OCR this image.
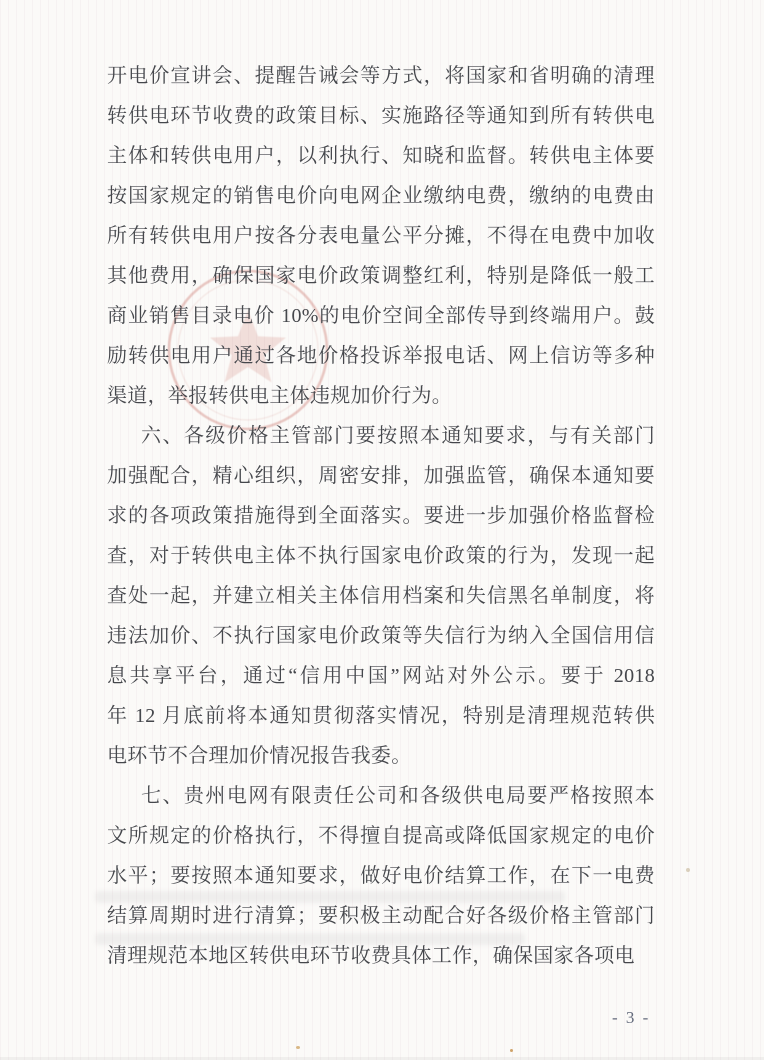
开电价宣讲会、提醒告诫会等方式，将国家和省明确的清理
转供电环节收费的政策目标、实施路径等通知到所有转供电
主体和转供电用户，以利执行、知晓和监督。转供电主体要
按国家规定的销售电价向电网企业缴纳电费，缴纳的电费由
所有转供电用户按各分表电量公平分摊，不得在电费中加收
其他费用，确保国家电价政策调整红利，特别是降低一般工
商业销售目录电价 10%的电价空间全部传导到终端用户。鼓
励转供电用户通过各地价格投诉举报电话、网上信访等多种
渠道，举报转供电主体违规加价行为。
六、各级价格主管部门要按照本通知要求，与有关部门
加强配合，精心组织，周密安排，加强监管，确保本通知要
求的各项政策措施得到全面落实。要进一步加强价格监督检
查，对于转供电主体不执行国家电价政策的行为，发现一起
查处一起，并建立相关主体信用档案和失信黑名单制度，将
违法加价、不执行国家电价政策等失信行为纳入全国信用信
息共享平台，通过“信用中国”网站对外公示。要于 2018
年 12 月底前将本通知贯彻落实情况，特别是清理规范转供
电环节不合理加价情况报告我委。
七、贵州电网有限责任公司和各级供电局要严格按照本
文所规定的价格执行，不得擅自提高或降低国家规定的电价
水平；要按照本通知要求，做好电价结算工作，在下一电费
结算周期时进行清算；要积极主动配合好各级价格主管部门
清理规范本地区转供电环节收费具体工作，确保国家各项电
- 3 -
